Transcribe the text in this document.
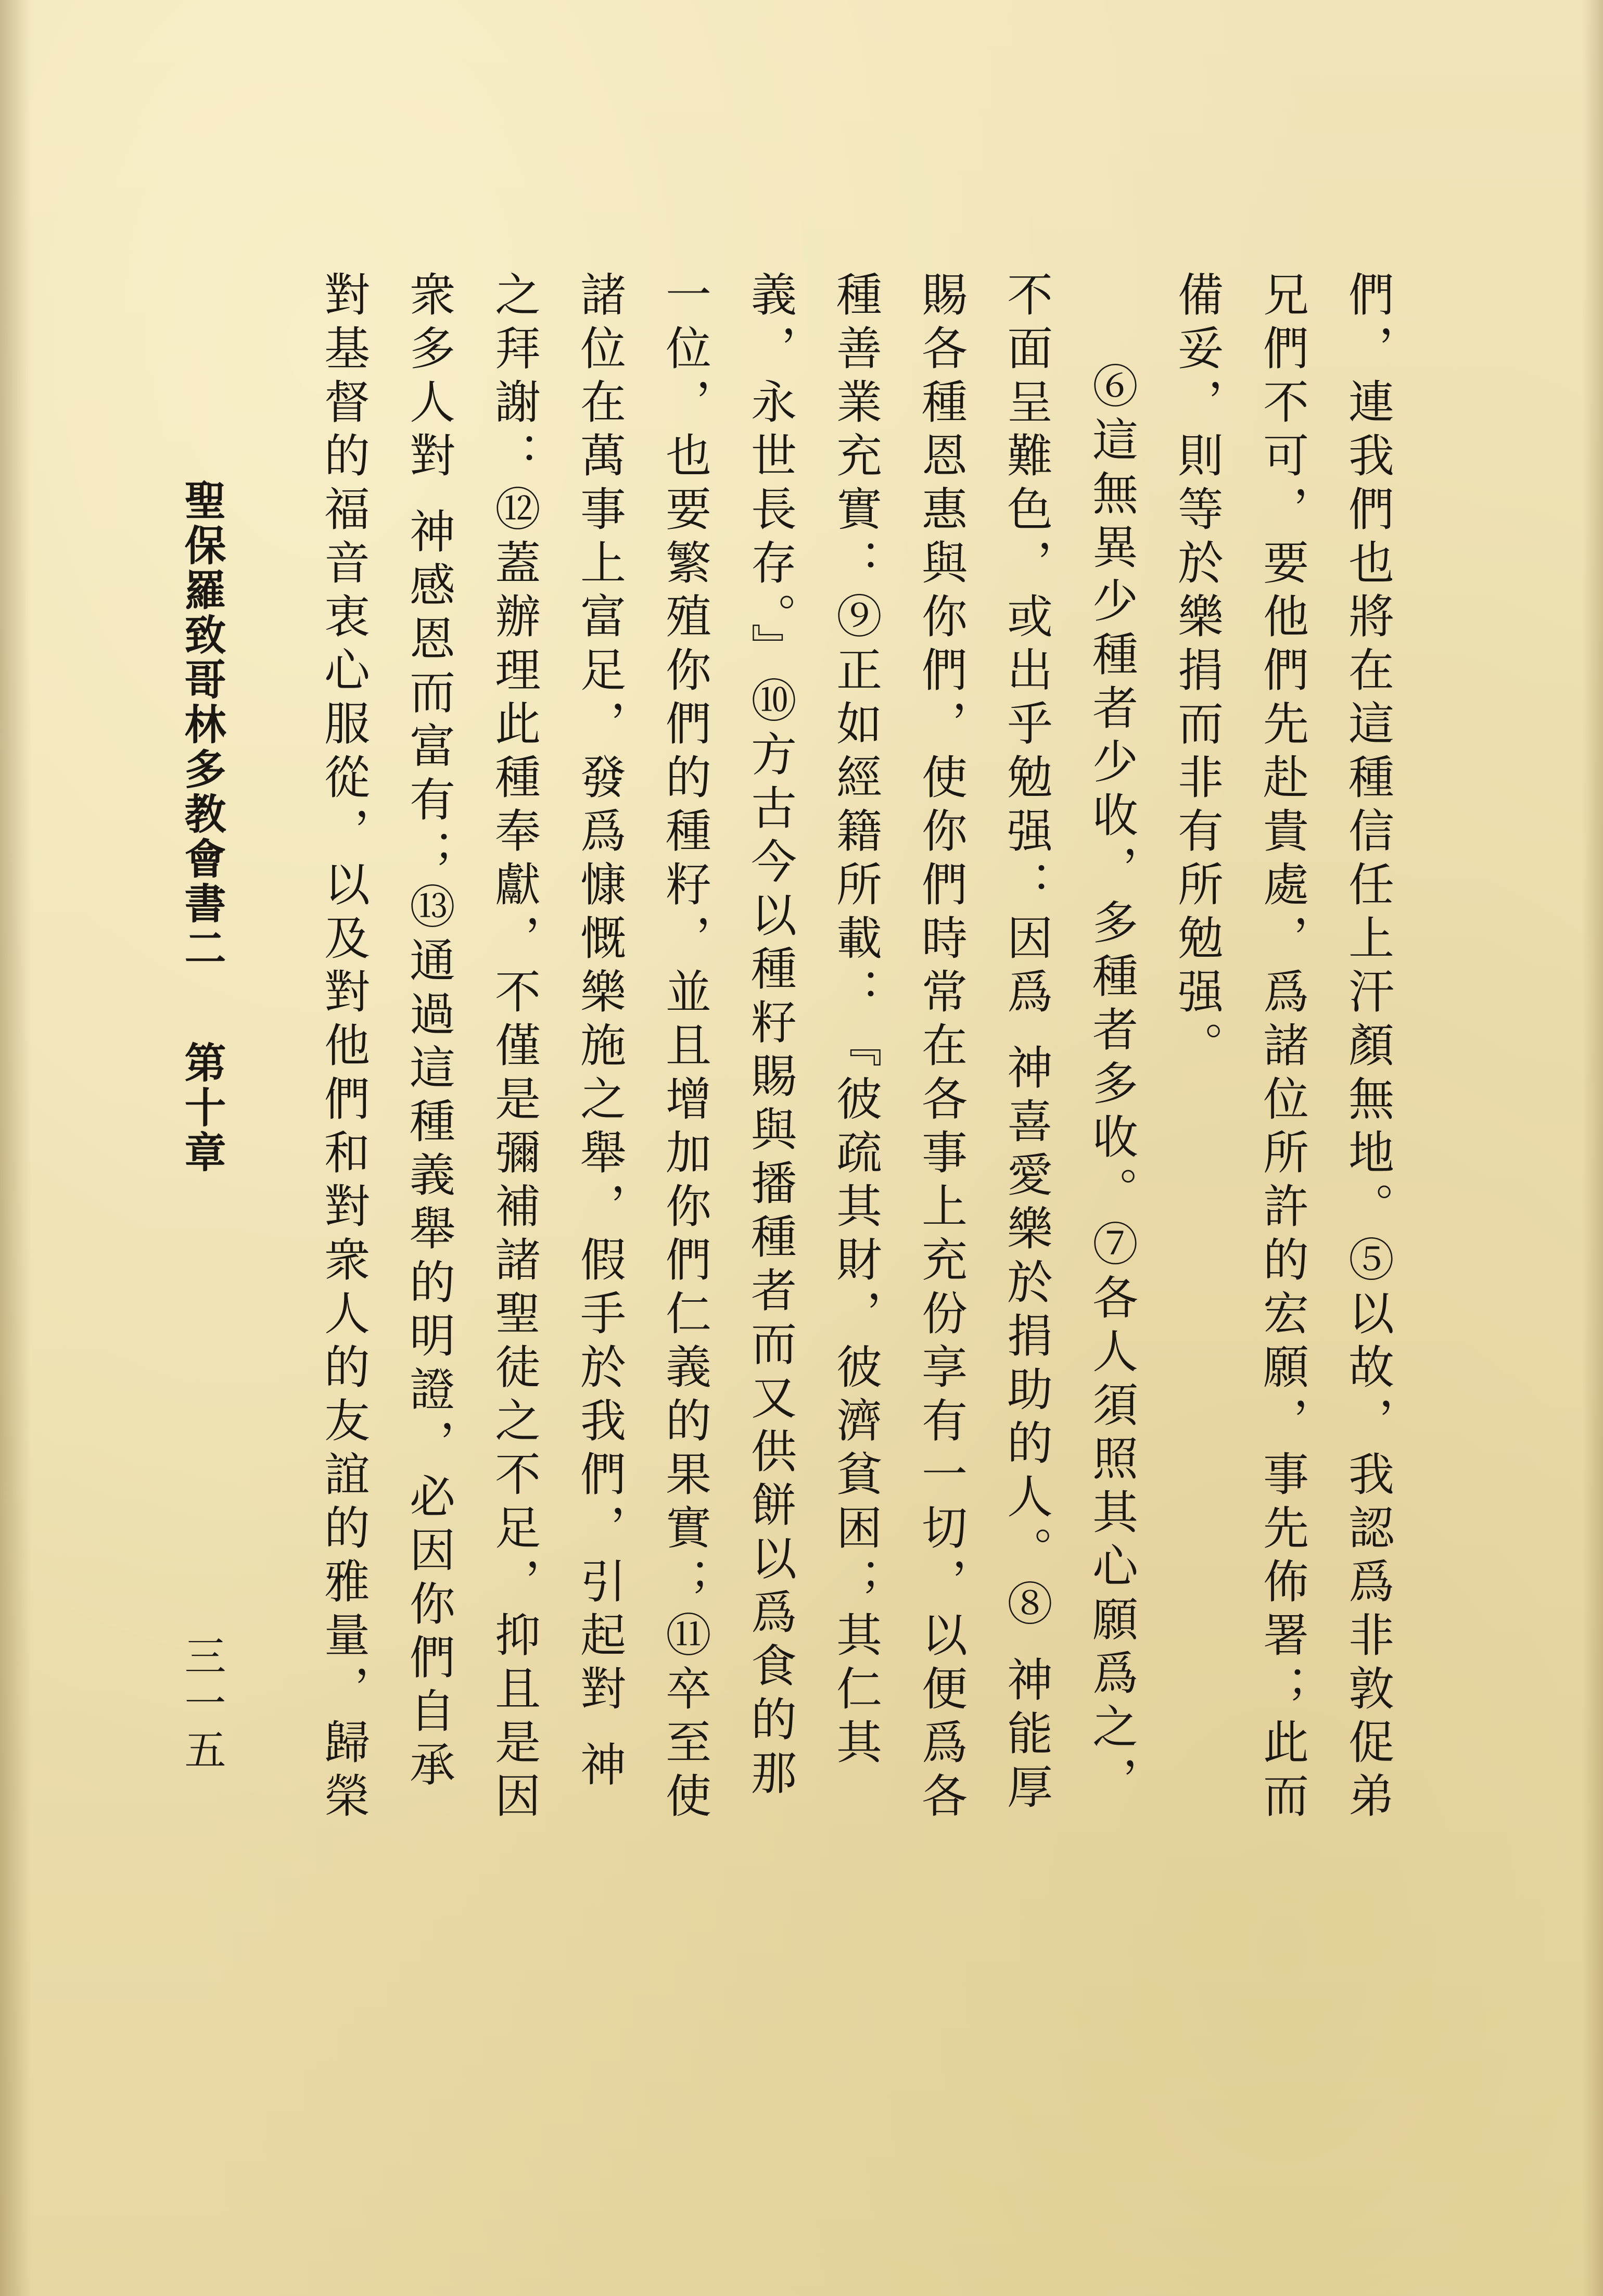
們，連我們也將在這種信任上汗顏無地。⑤以故，我認爲非敦促弟兄們不可，要他們先赴貴處，爲諸位所許的宏願，事先佈署；此而備妥，則等於樂捐而非有所勉强。

⑥這無異少種者少收，多種者多收。⑦各人須照其心願爲之，不面呈難色，或出乎勉强：因爲 神喜愛樂於捐助的人。⑧ 神能厚賜各種恩惠與你們，使你們時常在各事上充份享有一切，以便爲各種善業充實：⑨正如經籍所載：『彼疏其財，彼濟貧困；其仁其義，永世長存。』⑩方古今以種籽賜與播種者而又供餅以爲食的那一位，也要繁殖你們的種籽，並且增加你們仁義的果實；⑪卒至使諸位在萬事上富足，發爲慷慨樂施之舉，假手於我們，引起對 神之拜謝：⑫蓋辦理此種奉獻，不僅是彌補諸聖徒之不足，抑且是因衆多人對 神感恩而富有；⑬通過這種義舉的明證，必因你們自承對基督的福音衷心服從，以及對他們和對衆人的友誼的雅量，歸榮

聖保羅致哥林多教會書二
第十章
三一五
